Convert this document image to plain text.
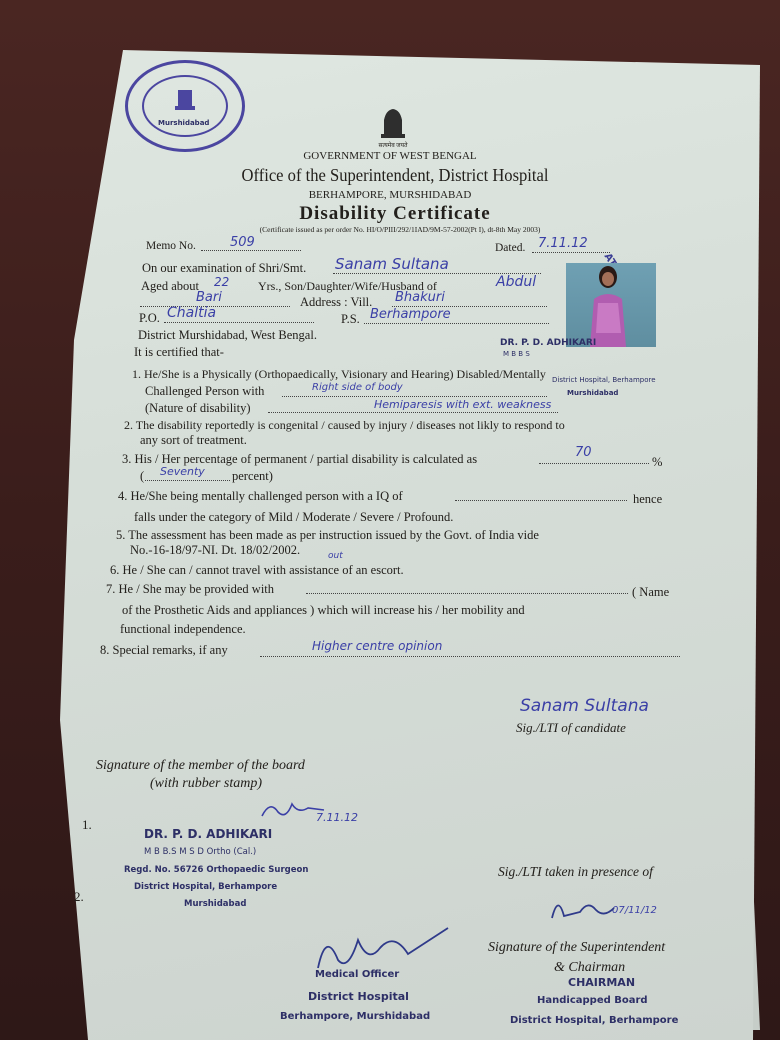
Murshidabad
सत्यमेव जयते
GOVERNMENT OF WEST BENGAL
Office of the Superintendent, District Hospital
BERHAMPORE, MURSHIDABAD
Disability Certificate
(Certificate issued as per order No. HI/O/PIII/292/1IAD/9M-57-2002(Pt I), dt-8th May 2003)
Memo No.	509	Dated. 7.11.12
On our examination of Shri/Smt. Sanam Sultana
Aged about 22 Yrs., Son/Daughter/Wife/Husband of	Abdul
Bari	Address : Vill. Bhakuri
P.O. Chaltia	P.S. Berhampore
District Murshidabad, West Bengal.
DR. P. D. ADHIKARI
M B B S
District Hospital, Berhampore
Murshidabad
It is certified that-
1. He/She is a Physically (Orthopaedically, Visionary and Hearing) Disabled/Mentally
Challenged Person with	Right side of body
(Nature of disability)	Hemiparesis with ext. weakness
2. The disability reportedly is congenital / caused by injury / diseases not likly to respond to
any sort of treatment.
3. His / Her percentage of permanent / partial disability is calculated as	70
%
( Seventy percent)
4. He/She being mentally challenged person with a IQ of	hence
falls under the category of Mild / Moderate / Severe / Profound.
5. The assessment has been made as per instruction issued by the Govt. of India vide
No.-16-18/97-NI. Dt. 18/02/2002.
6. He / She can / cannot travel with assistance of an escort.
out
7. He / She may be provided with	( Name
of the Prosthetic Aids and appliances ) which will increase his / her mobility and
functional independence.
8. Special remarks, if any	Higher centre opinion
Sanam Sultana
Sig./LTI of candidate
Signature of the member of the board
(with rubber stamp)
1.	7.11.12
DR. P. D. ADHIKARI
M B B.S M S D Ortho (Cal.)
Regd. No. 56726 Orthopaedic Surgeon
District Hospital, Berhampore
2.	Murshidabad
Sig./LTI taken in presence of
07/11/12
Medical Officer
District Hospital
Berhampore, Murshidabad
Signature of the Superintendent
& Chairman
CHAIRMAN
Handicapped Board
District Hospital, Berhampore
